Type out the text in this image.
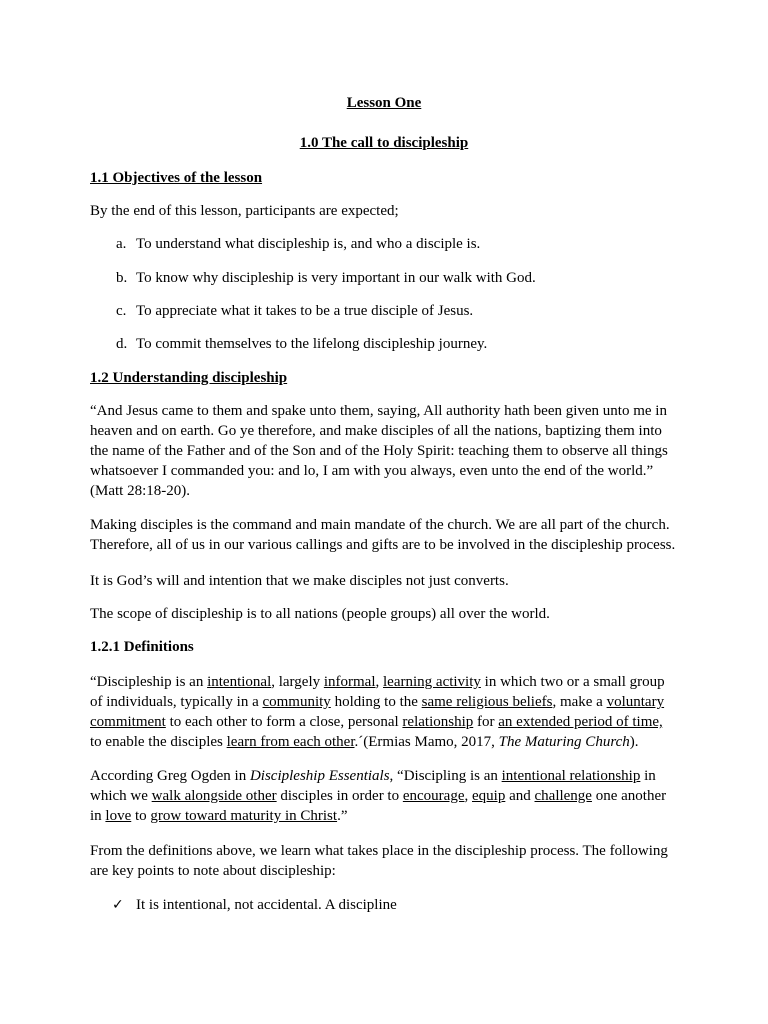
Lesson One
1.0 The call to discipleship
1.1 Objectives of the lesson
By the end of this lesson, participants are expected;
a. To understand what discipleship is, and who a disciple is.
b. To know why discipleship is very important in our walk with God.
c. To appreciate what it takes to be a true disciple of Jesus.
d. To commit themselves to the lifelong discipleship journey.
1.2 Understanding discipleship
“And Jesus came to them and spake unto them, saying, All authority hath been given unto me in
heaven and on earth. Go ye therefore, and make disciples of all the nations, baptizing them into
the name of the Father and of the Son and of the Holy Spirit: teaching them to observe all things
whatsoever I commanded you: and lo, I am with you always, even unto the end of the world.”
(Matt 28:18-20).
Making disciples is the command and main mandate of the church. We are all part of the church.
Therefore, all of us in our various callings and gifts are to be involved in the discipleship process.
It is God’s will and intention that we make disciples not just converts.
The scope of discipleship is to all nations (people groups) all over the world.
1.2.1 Definitions
“Discipleship is an intentional, largely informal, learning activity in which two or a small group
of individuals, typically in a community holding to the same religious beliefs, make a voluntary
commitment to each other to form a close, personal relationship for an extended period of time,
to enable the disciples learn from each other.´(Ermias Mamo, 2017, The Maturing Church).
According Greg Ogden in Discipleship Essentials, “Discipling is an intentional relationship in
which we walk alongside other disciples in order to encourage, equip and challenge one another
in love to grow toward maturity in Christ.”
From the definitions above, we learn what takes place in the discipleship process. The following
are key points to note about discipleship:
✓ It is intentional, not accidental. A discipline
